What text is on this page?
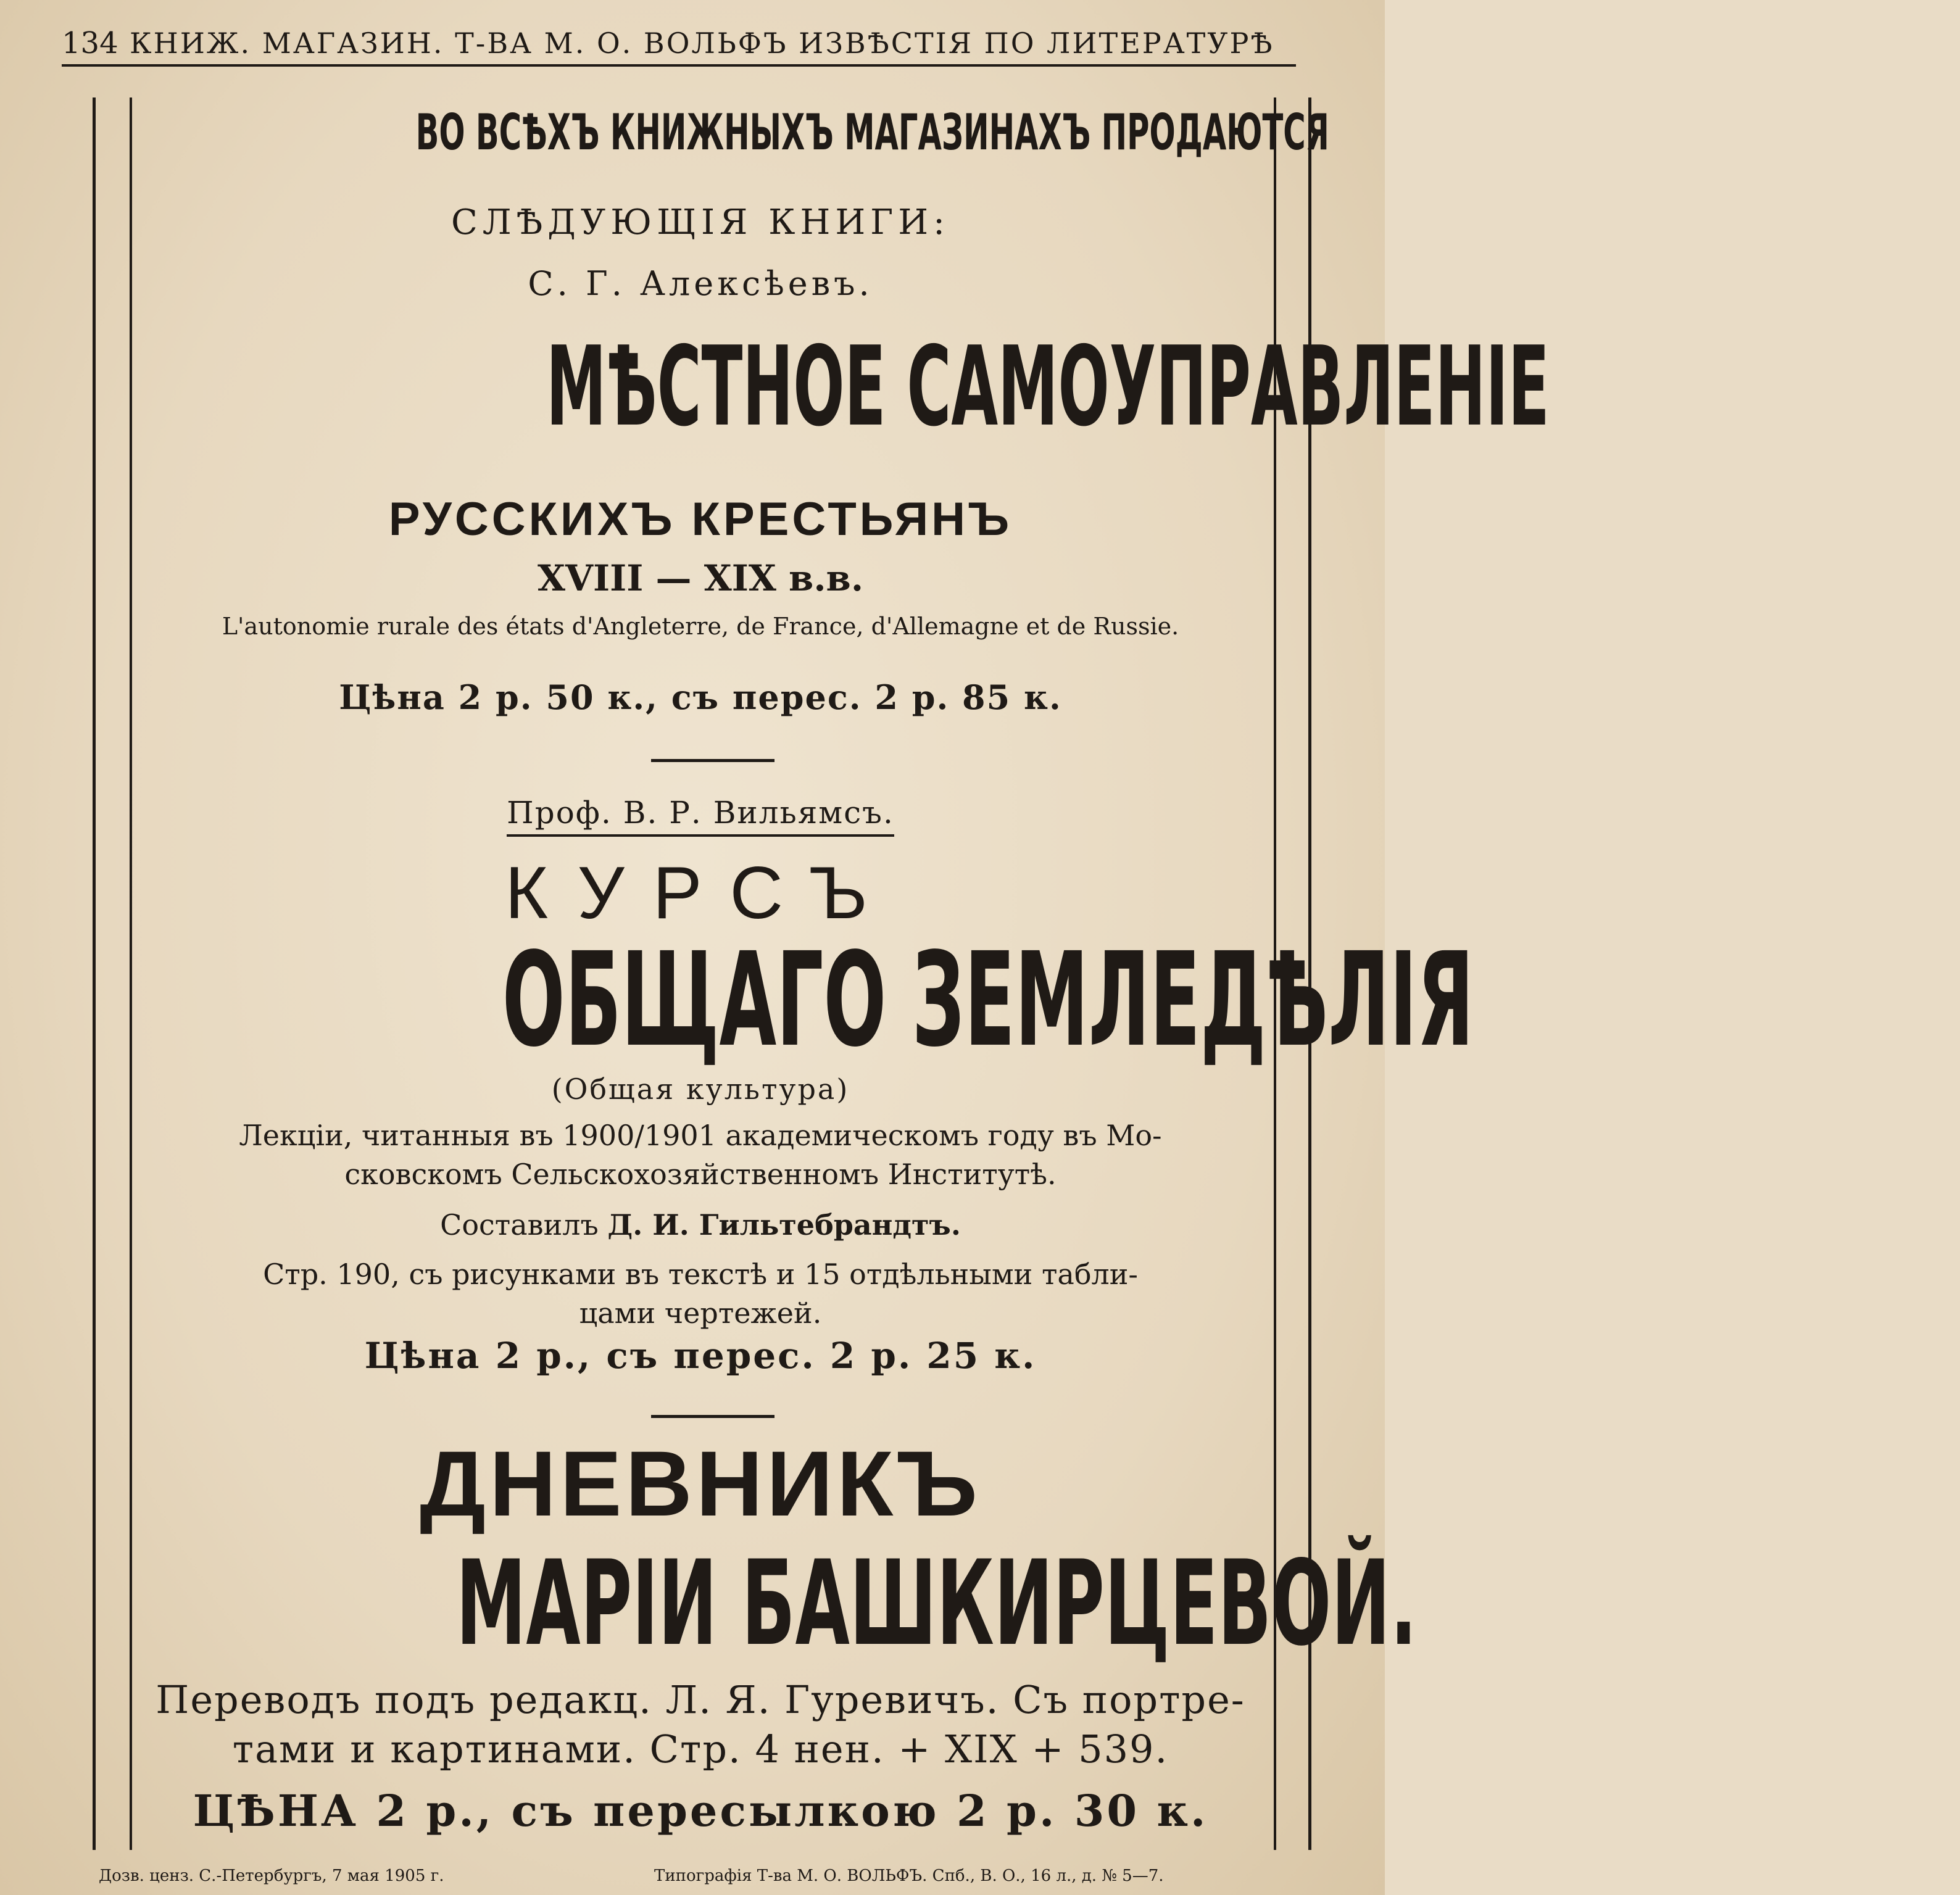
134 КНИЖ. МАГАЗИН. Т-ВА М. О. ВОЛЬФЪ ИЗВѢСТІЯ ПО ЛИТЕРАТУРѢ
ВО ВСѢХЪ КНИЖНЫХЪ МАГАЗИНАХЪ ПРОДАЮТСЯ
СЛѢДУЮЩІЯ КНИГИ:
С. Г. Алексѣевъ.
МѢСТНОЕ САМОУПРАВЛЕНІЕ
РУССКИХЪ КРЕСТЬЯНЪ
XVIII — XIX в.в.
L'autonomie rurale des états d'Angleterre, de France, d'Allemagne et de Russie.
Цѣна 2 р. 50 к., съ перес. 2 р. 85 к.
Проф. В. Р. Вильямсъ.
КУРСЪ
ОБЩАГО ЗЕМЛЕДѢЛІЯ
(Общая культура)
Лекціи, читанныя въ 1900/1901 академическомъ году въ Мо-
сковскомъ Сельскохозяйственномъ Институтѣ.
Составилъ Д. И. Гильтебрандтъ.
Стр. 190, съ рисунками въ текстѣ и 15 отдѣльными табли-
цами чертежей.
Цѣна 2 р., съ перес. 2 р. 25 к.
ДНЕВНИКЪ
МАРІИ БАШКИРЦЕВОЙ.
Переводъ подъ редакц. Л. Я. Гуревичъ. Съ портре-
тами и картинами. Стр. 4 нен. + XIX + 539.
ЦѢНА 2 р., съ пересылкою 2 р. 30 к.
Дозв. ценз. С.-Петербургъ, 7 мая 1905 г.	Типографія Т-ва М. О. ВОЛЬФЪ. Спб., В. О., 16 л., д. № 5—7.
